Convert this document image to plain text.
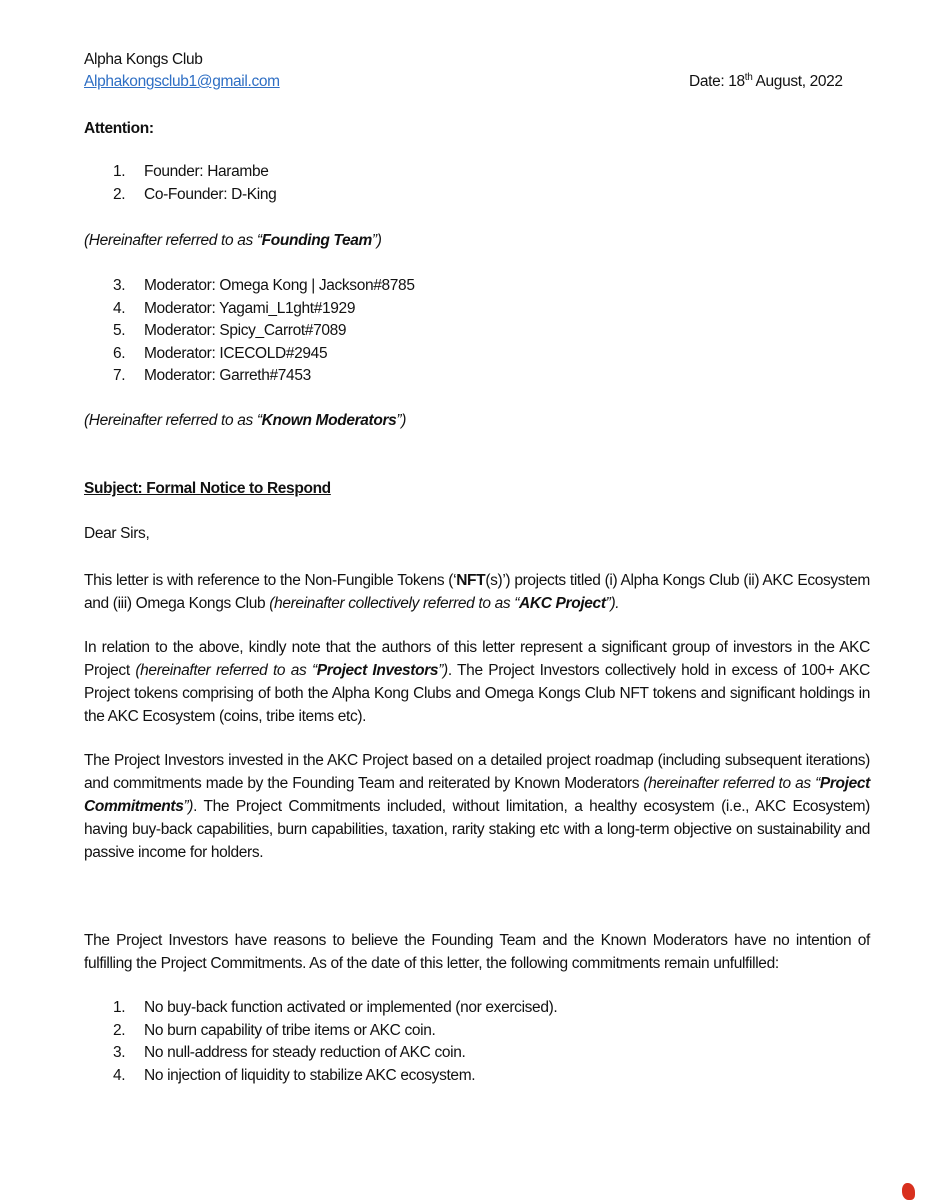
Alpha Kongs Club
Alphakongsclub1@gmail.com	Date: 18th August, 2022
Attention:
1. Founder: Harambe
2. Co-Founder: D-King
(Hereinafter referred to as “Founding Team”)
3. Moderator: Omega Kong | Jackson#8785
4. Moderator: Yagami_L1ght#1929
5. Moderator: Spicy_Carrot#7089
6. Moderator: ICECOLD#2945
7. Moderator: Garreth#7453
(Hereinafter referred to as “Known Moderators”)
Subject: Formal Notice to Respond
Dear Sirs,
This letter is with reference to the Non-Fungible Tokens (‘NFT(s)’) projects titled (i) Alpha Kongs Club (ii) AKC Ecosystem and (iii) Omega Kongs Club (hereinafter collectively referred to as “AKC Project”).
In relation to the above, kindly note that the authors of this letter represent a significant group of investors in the AKC Project (hereinafter referred to as “Project Investors”). The Project Investors collectively hold in excess of 100+ AKC Project tokens comprising of both the Alpha Kong Clubs and Omega Kongs Club NFT tokens and significant holdings in the AKC Ecosystem (coins, tribe items etc).
The Project Investors invested in the AKC Project based on a detailed project roadmap (including subsequent iterations) and commitments made by the Founding Team and reiterated by Known Moderators (hereinafter referred to as “Project Commitments”). The Project Commitments included, without limitation, a healthy ecosystem (i.e., AKC Ecosystem) having buy-back capabilities, burn capabilities, taxation, rarity staking etc with a long-term objective on sustainability and passive income for holders.
The Project Investors have reasons to believe the Founding Team and the Known Moderators have no intention of fulfilling the Project Commitments. As of the date of this letter, the following commitments remain unfulfilled:
1. No buy-back function activated or implemented (nor exercised).
2. No burn capability of tribe items or AKC coin.
3. No null-address for steady reduction of AKC coin.
4. No injection of liquidity to stabilize AKC ecosystem.
